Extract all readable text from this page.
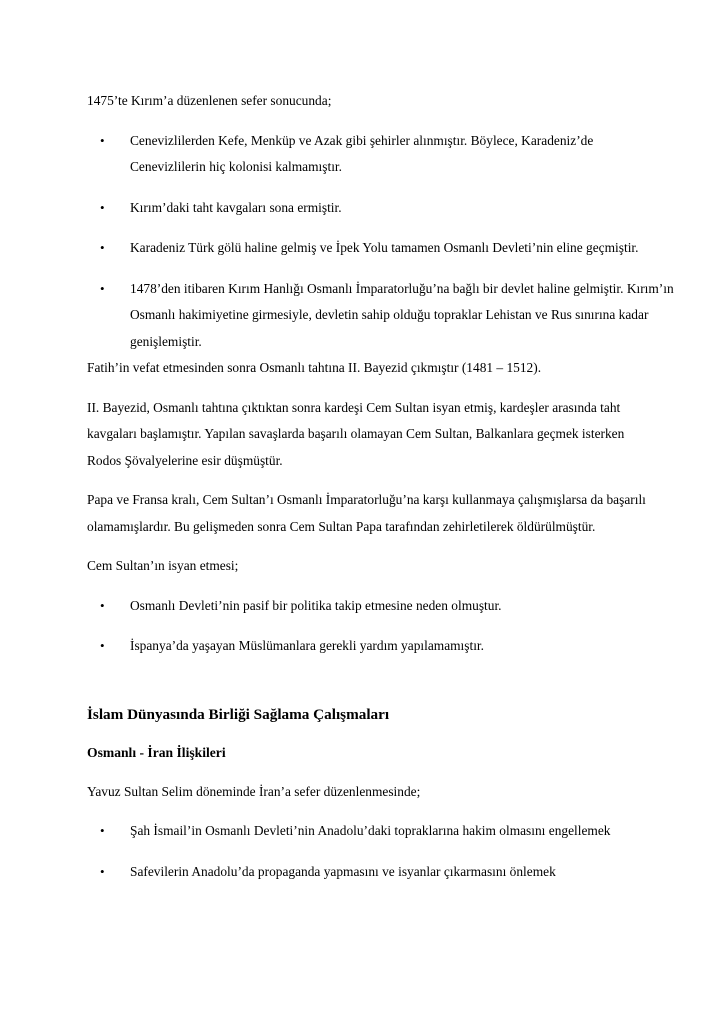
1475’te Kırım’a düzenlenen sefer sonucunda;

• Cenevizlilerden Kefe, Menküp ve Azak gibi şehirler alınmıştır. Böylece, Karadeniz’de Cenevizlilerin hiç kolonisi kalmamıştır.
• Kırım’daki taht kavgaları sona ermiştir.
• Karadeniz Türk gölü haline gelmiş ve İpek Yolu tamamen Osmanlı Devleti’nin eline geçmiştir.
• 1478’den itibaren Kırım Hanlığı Osmanlı İmparatorluğu’na bağlı bir devlet haline gelmiştir. Kırım’ın Osmanlı hakimiyetine girmesiyle, devletin sahip olduğu topraklar Lehistan ve Rus sınırına kadar genişlemiştir.

Fatih’in vefat etmesinden sonra Osmanlı tahtına II. Bayezid çıkmıştır (1481 – 1512).

II. Bayezid, Osmanlı tahtına çıktıktan sonra kardeşi Cem Sultan isyan etmiş, kardeşler arasında taht kavgaları başlamıştır. Yapılan savaşlarda başarılı olamayan Cem Sultan, Balkanlara geçmek isterken Rodos Şövalyelerine esir düşmüştür.

Papa ve Fransa kralı, Cem Sultan’ı Osmanlı İmparatorluğu’na karşı kullanmaya çalışmışlarsa da başarılı olamamışlardır. Bu gelişmeden sonra Cem Sultan Papa tarafından zehirletilerek öldürülmüştür.

Cem Sultan’ın isyan etmesi;

• Osmanlı Devleti’nin pasif bir politika takip etmesine neden olmuştur.
• İspanya’da yaşayan Müslümanlara gerekli yardım yapılamamıştır.

İslam Dünyasında Birliği Sağlama Çalışmaları

Osmanlı - İran İlişkileri

Yavuz Sultan Selim döneminde İran’a sefer düzenlenmesinde;

• Şah İsmail’in Osmanlı Devleti’nin Anadolu’daki topraklarına hakim olmasını engellemek
• Safevilerin Anadolu’da propaganda yapmasını ve isyanlar çıkarmasını önlemek
